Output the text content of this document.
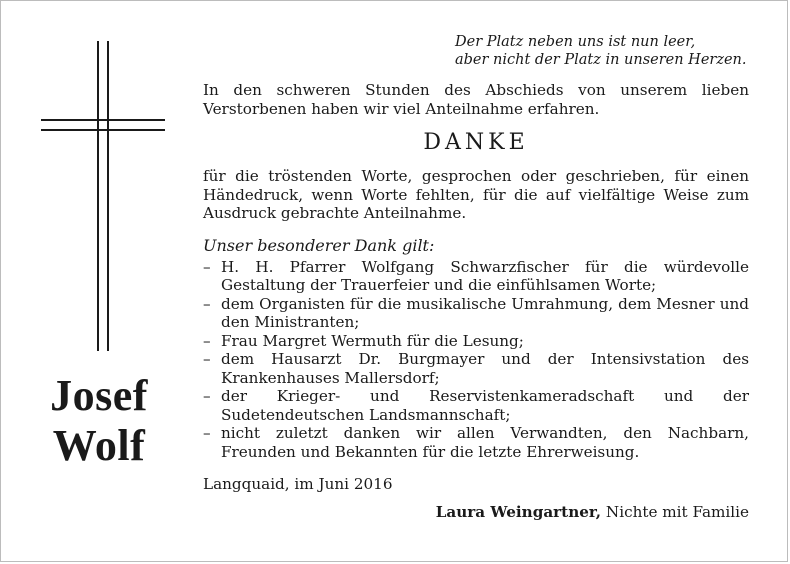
Josef
Wolf
Der Platz neben uns ist nun leer,
aber nicht der Platz in unseren Herzen.

In den schweren Stunden des Abschieds von unserem lieben Verstorbenen haben wir viel Anteilnahme erfahren.

DANKE

für die tröstenden Worte, gesprochen oder geschrieben, für einen Händedruck, wenn Worte fehlten, für die auf vielfältige Weise zum Ausdruck gebrachte Anteilnahme.

Unser besonderer Dank gilt:
– H. H. Pfarrer Wolfgang Schwarzfischer für die würdevolle Gestaltung der Trauerfeier und die einfühlsamen Worte;
– dem Organisten für die musikalische Umrahmung, dem Mesner und den Ministranten;
– Frau Margret Wermuth für die Lesung;
– dem Hausarzt Dr. Burgmayer und der Intensivstation des Krankenhauses Mallersdorf;
– der Krieger- und Reservistenkameradschaft und der Sudetendeutschen Landsmannschaft;
– nicht zuletzt danken wir allen Verwandten, den Nachbarn, Freunden und Bekannten für die letzte Ehrerweisung.
Langquaid, im Juni 2016
Laura Weingartner, Nichte mit Familie
